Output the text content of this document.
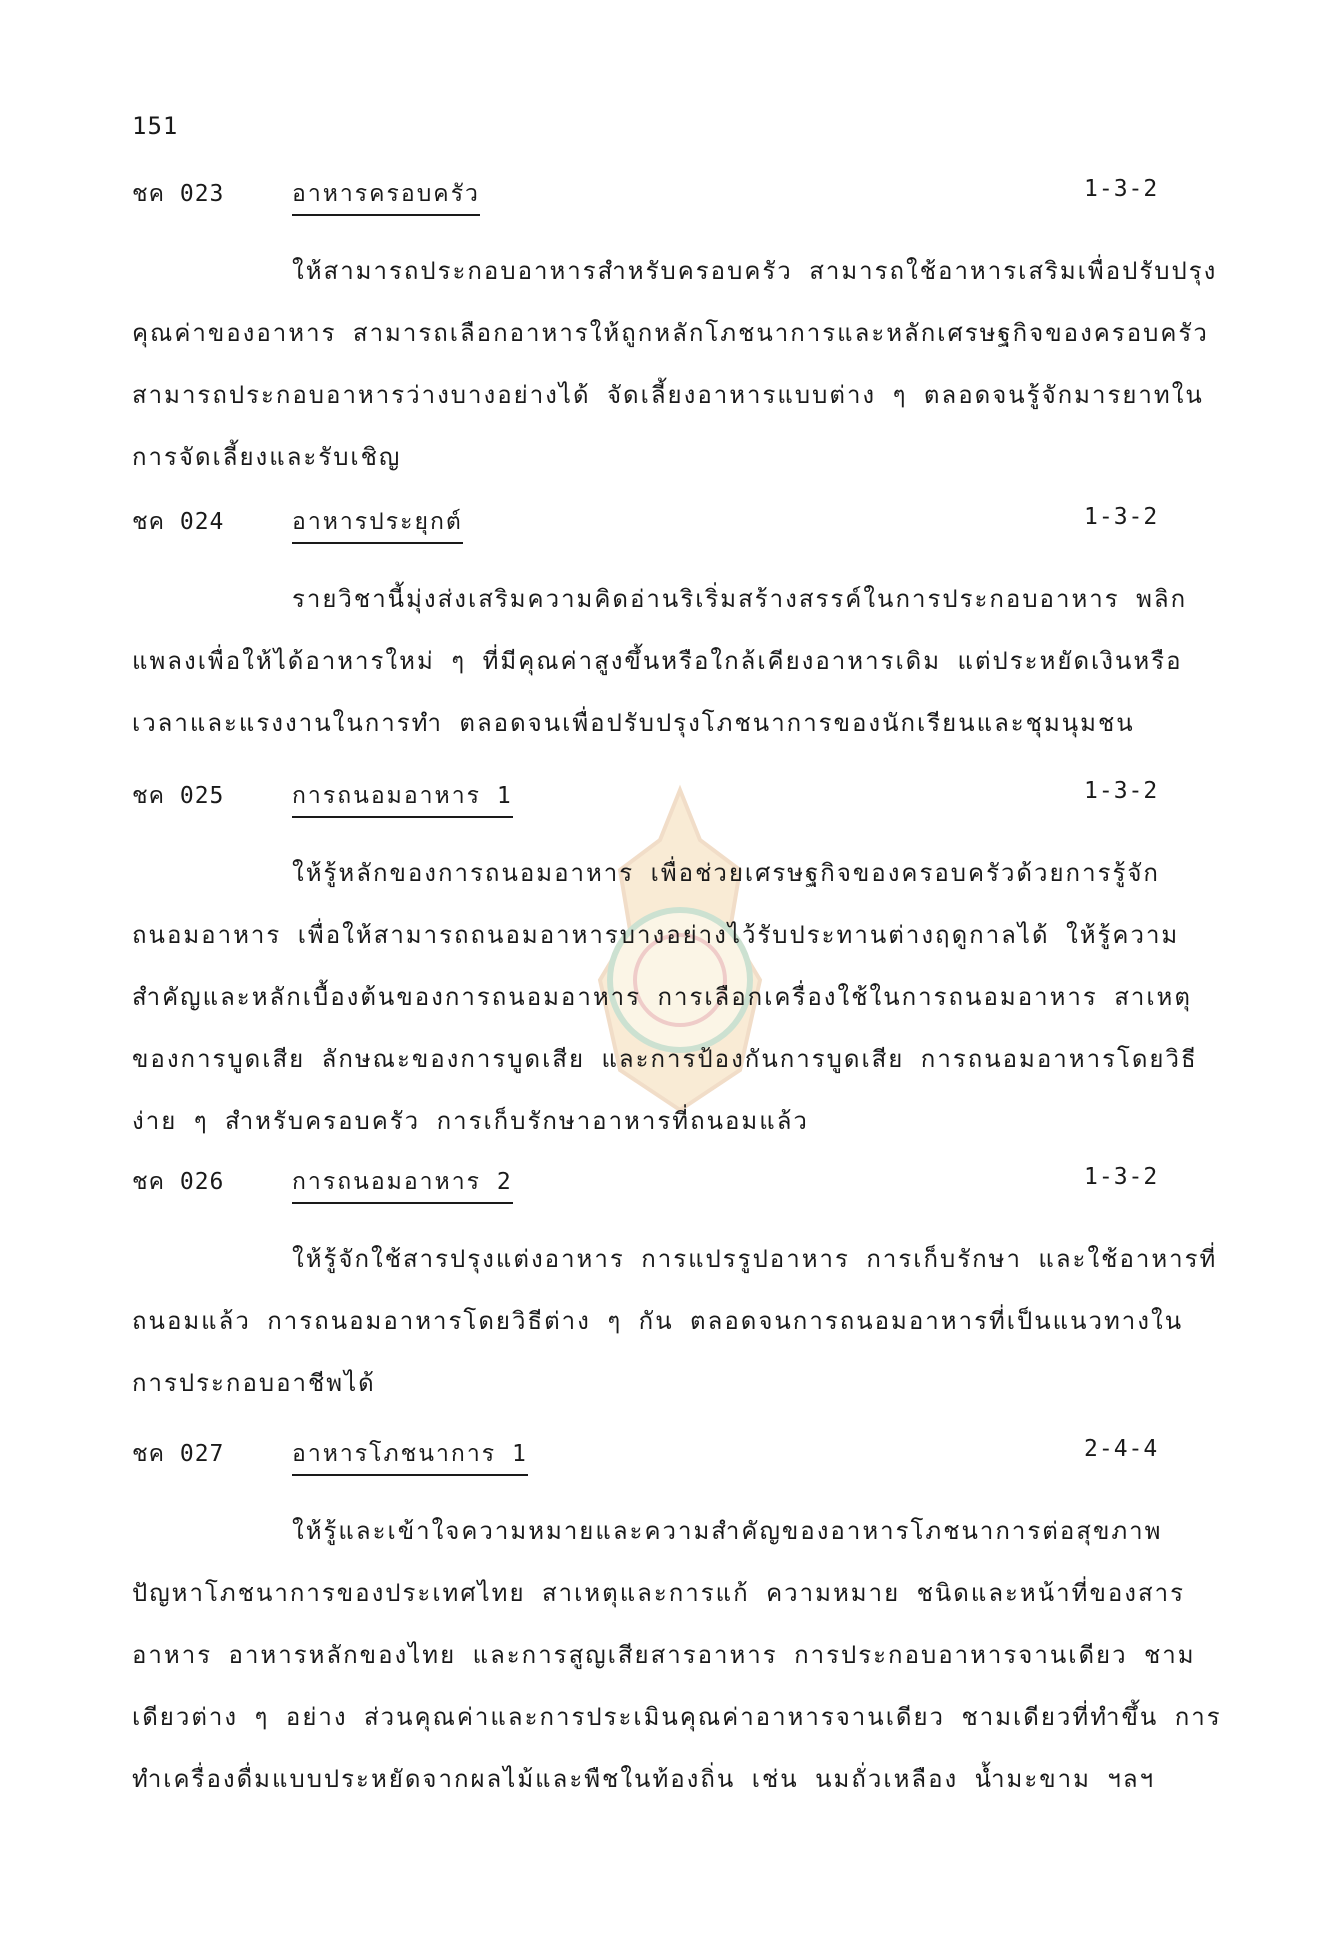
151
ชค 023	อาหารครอบครัว	1-3-2
ให้สามารถประกอบอาหารสำหรับครอบครัว สามารถใช้อาหารเสริมเพื่อปรับปรุงคุณค่าของอาหาร สามารถเลือกอาหารให้ถูกหลักโภชนาการและหลักเศรษฐกิจของครอบครัว สามารถประกอบอาหารว่างบางอย่างได้ จัดเลี้ยงอาหารแบบต่าง ๆ ตลอดจนรู้จักมารยาทในการจัดเลี้ยงและรับเชิญ
ชค 024	อาหารประยุกต์	1-3-2
รายวิชานี้มุ่งส่งเสริมความคิดอ่านริเริ่มสร้างสรรค์ในการประกอบอาหาร พลิกแพลงเพื่อให้ได้อาหารใหม่ ๆ ที่มีคุณค่าสูงขึ้นหรือใกล้เคียงอาหารเดิม แต่ประหยัดเงินหรือเวลาและแรงงานในการทำ ตลอดจนเพื่อปรับปรุงโภชนาการของนักเรียนและชุมนุมชน
ชค 025	การถนอมอาหาร 1	1-3-2
ให้รู้หลักของการถนอมอาหาร เพื่อช่วยเศรษฐกิจของครอบครัวด้วยการรู้จักถนอมอาหาร เพื่อให้สามารถถนอมอาหารบางอย่างไว้รับประทานต่างฤดูกาลได้ ให้รู้ความสำคัญและหลักเบื้องต้นของการถนอมอาหาร การเลือกเครื่องใช้ในการถนอมอาหาร สาเหตุของการบูดเสีย ลักษณะของการบูดเสีย และการป้องกันการบูดเสีย การถนอมอาหารโดยวิธีง่าย ๆ สำหรับครอบครัว การเก็บรักษาอาหารที่ถนอมแล้ว
ชค 026	การถนอมอาหาร 2	1-3-2
ให้รู้จักใช้สารปรุงแต่งอาหาร การแปรรูปอาหาร การเก็บรักษา และใช้อาหารที่ถนอมแล้ว การถนอมอาหารโดยวิธีต่าง ๆ กัน ตลอดจนการถนอมอาหารที่เป็นแนวทางในการประกอบอาชีพได้
ชค 027	อาหารโภชนาการ 1	2-4-4
ให้รู้และเข้าใจความหมายและความสำคัญของอาหารโภชนาการต่อสุขภาพ ปัญหาโภชนาการของประเทศไทย สาเหตุและการแก้ ความหมาย ชนิดและหน้าที่ของสารอาหาร อาหารหลักของไทย และการสูญเสียสารอาหาร การประกอบอาหารจานเดียว ชามเดียวต่าง ๆ อย่าง ส่วนคุณค่าและการประเมินคุณค่าอาหารจานเดียว ชามเดียวที่ทำขึ้น การทำเครื่องดื่มแบบประหยัดจากผลไม้และพืชในท้องถิ่น เช่น นมถั่วเหลือง น้ำมะขาม ฯลฯ
